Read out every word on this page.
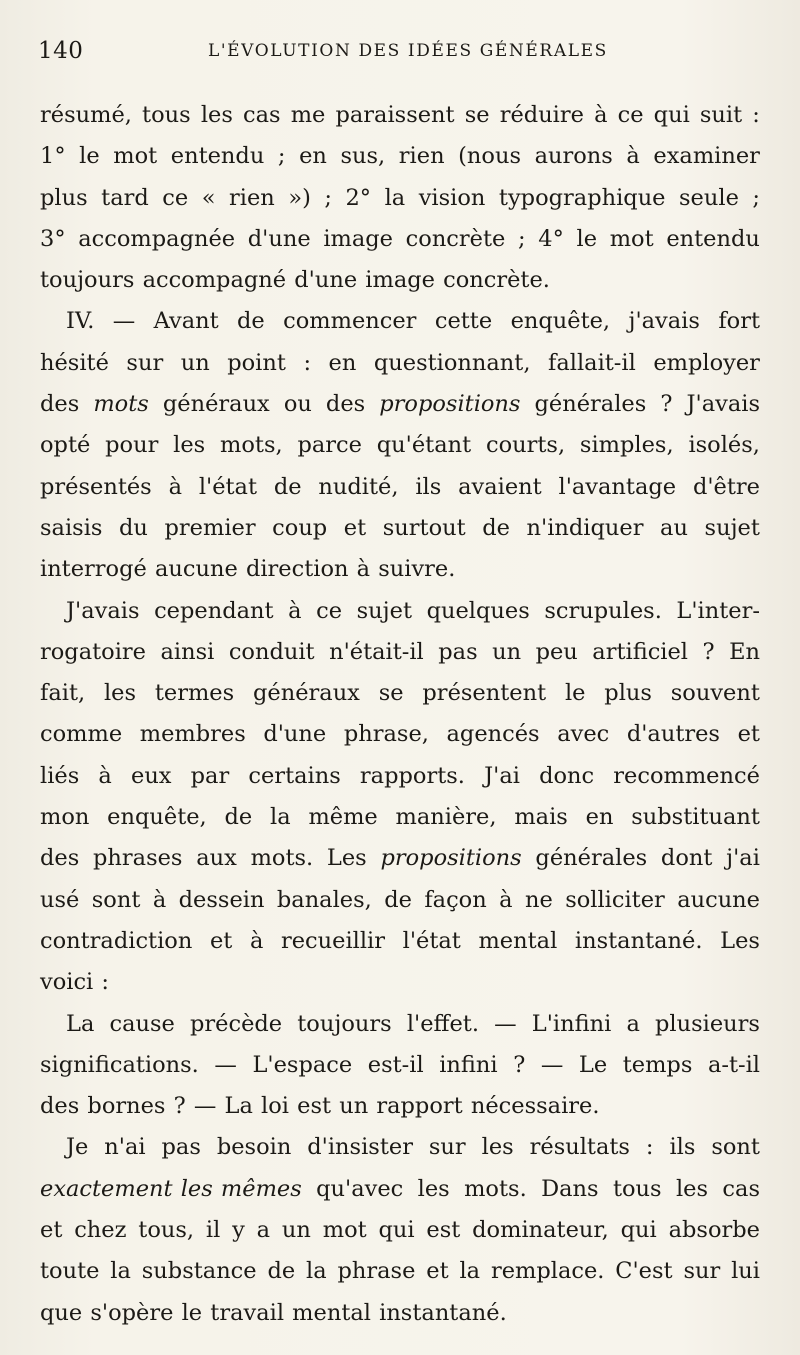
140	L'ÉVOLUTION DES IDÉES GÉNÉRALES
résumé, tous les cas me paraissent se réduire à ce qui suit :
1° le mot entendu ; en sus, rien (nous aurons à examiner
plus tard ce « rien ») ; 2° la vision typographique seule ;
3° accompagnée d'une image concrète ; 4° le mot entendu
toujours
accompagné
d'une
image
concrète.
IV. — Avant de commencer cette enquête, j'avais fort
hésité sur un point : en questionnant, fallait-il employer
des mots généraux ou des propositions générales ? J'avais
opté pour les mots, parce qu'étant courts, simples, isolés,
présentés à l'état de nudité, ils avaient l'avantage d'être
saisis du premier coup et surtout de n'indiquer au sujet
interrogé
aucune
direction
à
suivre.
J'avais cependant à ce sujet quelques scrupules. L'inter-
rogatoire ainsi conduit n'était-il pas un peu artificiel ? En
fait, les termes généraux se présentent le plus souvent
comme membres d'une phrase, agencés avec d'autres et
liés à eux par certains rapports. J'ai donc recommencé
mon enquête, de la même manière, mais en substituant
des phrases aux mots. Les propositions générales dont j'ai
usé sont à dessein banales, de façon à ne solliciter aucune
contradiction et à recueillir l'état mental instantané. Les
voici
:
La cause précède toujours l'effet. — L'infini a plusieurs
significations. — L'espace est-il infini ? — Le temps a-t-il
des
bornes
?
—
La
loi
est
un
rapport
nécessaire.
Je n'ai pas besoin d'insister sur les résultats : ils sont
exactement les mêmes qu'avec les mots. Dans tous les cas
et chez tous, il y a un mot qui est dominateur, qui absorbe
toute la substance de la phrase et la remplace. C'est sur lui
que
s'opère
le
travail
mental
instantané.
